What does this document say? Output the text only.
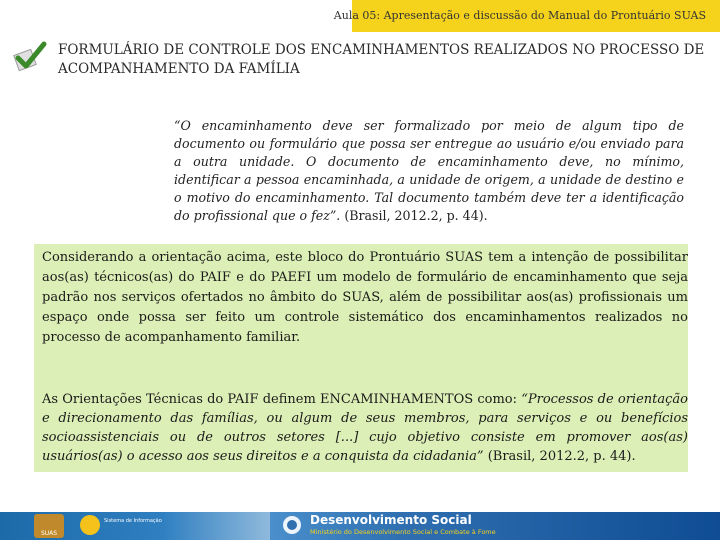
Aula 05: Apresentação e discussão do Manual do Prontuário SUAS
FORMULÁRIO DE CONTROLE DOS ENCAMINHAMENTOS REALIZADOS NO PROCESSO DE
ACOMPANHAMENTO DA FAMÍLIA
“O encaminhamento deve ser formalizado por meio de algum tipo de documento ou formulário que possa ser entregue ao usuário e/ou enviado para a outra unidade. O documento de encaminhamento deve, no mínimo, identificar a pessoa encaminhada, a unidade de origem, a unidade de destino e o motivo do encaminhamento. Tal documento também deve ter a identificação do profissional que o fez”. (Brasil, 2012.2, p. 44).
Considerando a orientação acima, este bloco do Prontuário SUAS tem a intenção de possibilitar aos(as) técnicos(as) do PAIF e do PAEFI um modelo de formulário de encaminhamento que seja padrão nos serviços ofertados no âmbito do SUAS, além de possibilitar aos(as) profissionais um espaço onde possa ser feito um controle sistemático dos encaminhamentos realizados no processo de acompanhamento familiar.
As Orientações Técnicas do PAIF definem ENCAMINHAMENTOS como: “Processos de orientação e direcionamento das famílias, ou algum de seus membros, para serviços e ou benefícios socioassistenciais ou de outros setores [...] cujo objetivo consiste em promover aos(as) usuários(as) o acesso aos seus direitos e a conquista da cidadania” (Brasil, 2012.2, p. 44).
SUAS
Sistema de Informação	Desenvolvimento Social
Ministério do Desenvolvimento Social e Combate à Fome
